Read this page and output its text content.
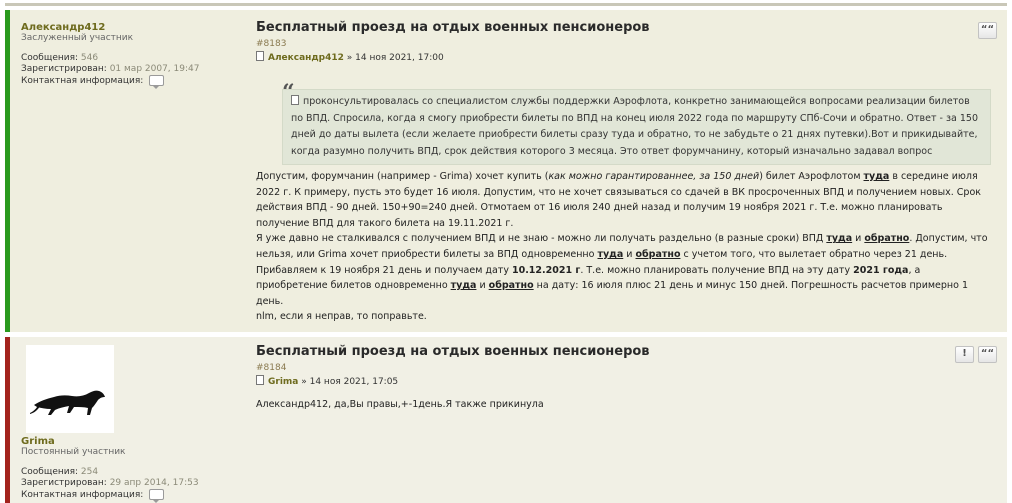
Александр412
Заслуженный участник
Сообщения: 546
Зарегистрирован: 01 мар 2007, 19:47
Контактная информация:
““
Бесплатный проезд на отдых военных пенсионеров
#8183
Александр412 » 14 ноя 2021, 17:00
проконсультировалась со специалистом службы поддержки Аэрофлота, конкретно занимающейся вопросами реализации билетов по ВПД. Спросила, когда я смогу приобрести билеты по ВПД на конец июля 2022 года по маршруту СПб-Сочи и обратно. Ответ - за 150 дней до даты вылета (если желаете приобрести билеты сразу туда и обратно, то не забудьте о 21 днях путевки).Вот и прикидывайте, когда разумно получить ВПД, срок действия которого 3 месяца. Это ответ форумчанину, который изначально задавал вопрос
Допустим, форумчанин (например - Grima) хочет купить (как можно гарантированнее, за 150 дней) билет Аэрофлотом туда в середине июля 2022 г. К примеру, пусть это будет 16 июля. Допустим, что не хочет связываться со сдачей в ВК просроченных ВПД и получением новых. Срок действия ВПД - 90 дней. 150+90=240 дней. Отмотаем от 16 июля 240 дней назад и получим 19 ноября 2021 г. Т.е. можно планировать получение ВПД для такого билета на 19.11.2021 г.
Я уже давно не сталкивался с получением ВПД и не знаю - можно ли получать раздельно (в разные сроки) ВПД туда и обратно. Допустим, что нельзя, или Grima хочет приобрести билеты за ВПД одновременно туда и обратно с учетом того, что вылетает обратно через 21 день. Прибавляем к 19 ноября 21 день и получаем дату 10.12.2021 г. Т.е. можно планировать получение ВПД на эту дату 2021 года, а приобретение билетов одновременно туда и обратно на дату: 16 июля плюс 21 день и минус 150 дней. Погрешность расчетов примерно 1 день.
nlm, если я неправ, то поправьте.
Grima
Постоянный участник
Сообщения: 254
Зарегистрирован: 29 апр 2014, 17:53
Контактная информация:
!	““
Бесплатный проезд на отдых военных пенсионеров
#8184
Grima » 14 ноя 2021, 17:05
Александр412, да,Вы правы,+-1день.Я также прикинула
